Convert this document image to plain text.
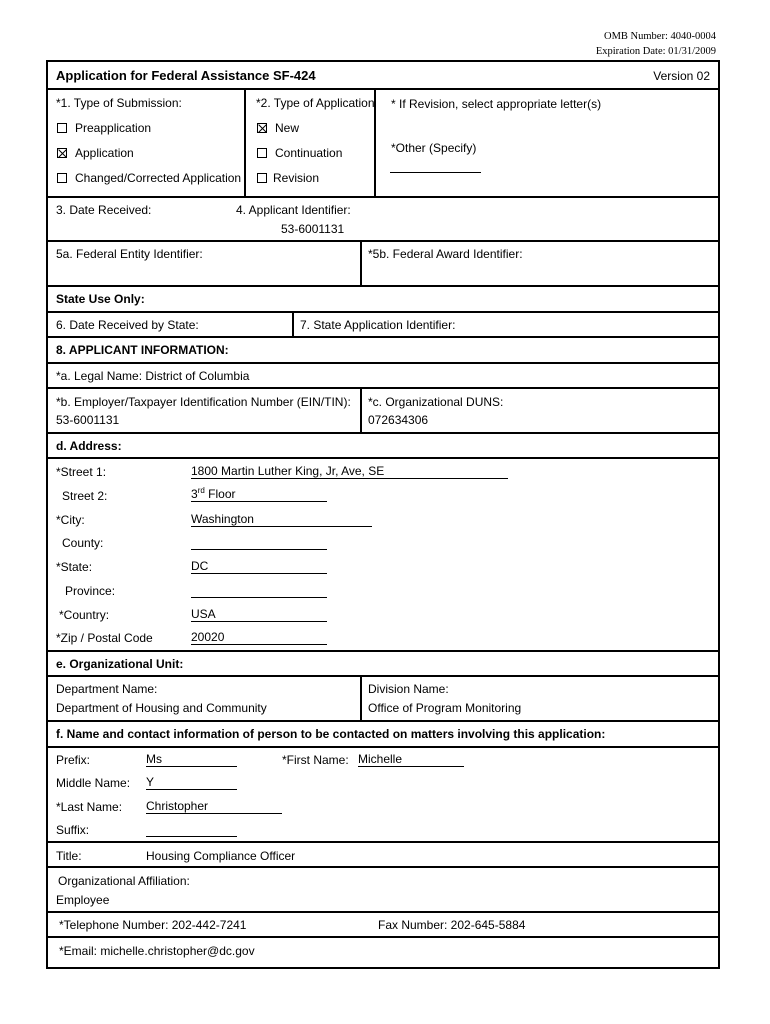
OMB Number: 4040-0004
Expiration Date: 01/31/2009
Application for Federal Assistance SF-424	Version 02
*1. Type of Submission:
Preapplication
Application
Changed/Corrected Application
*2. Type of Application
New
Continuation
Revision
* If Revision, select appropriate letter(s)
*Other (Specify)
3. Date Received:	4. Applicant Identifier:
53-6001131
5a. Federal Entity Identifier:	*5b. Federal Award Identifier:
State Use Only:
6. Date Received by State:	7. State Application Identifier:
8. APPLICANT INFORMATION:
*a. Legal Name: District of Columbia
*b. Employer/Taxpayer Identification Number (EIN/TIN):
53-6001131
*c. Organizational DUNS:
072634306
d. Address:
*Street 1:	1800 Martin Luther King, Jr, Ave, SE
Street 2:	3rd Floor
*City:	Washington
County:
*State:	DC
Province:
*Country:	USA
*Zip / Postal Code	20020
e. Organizational Unit:
Department Name:
Department of Housing and Community
Division Name:
Office of Program Monitoring
f. Name and contact information of person to be contacted on matters involving this application:
Prefix:	Ms	*First Name: Michelle
Middle Name: Y
*Last Name: Christopher
Suffix:
Title:	Housing Compliance Officer
Organizational Affiliation:
Employee
*Telephone Number: 202-442-7241	Fax Number: 202-645-5884
*Email: michelle.christopher@dc.gov
